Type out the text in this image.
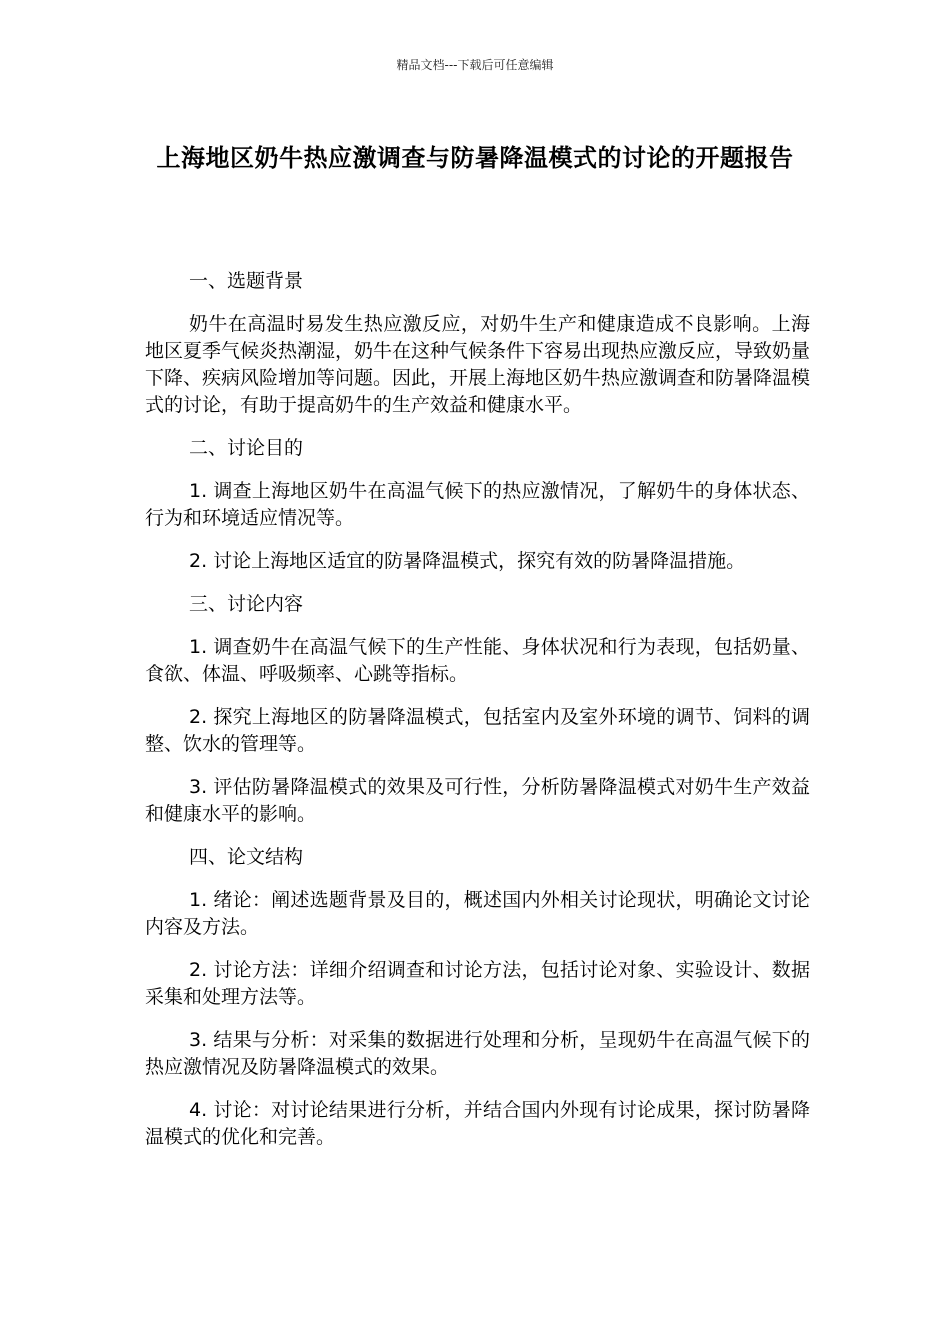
精品文档---下载后可任意编辑
上海地区奶牛热应激调查与防暑降温模式的讨论的开题报告

一、选题背景

奶牛在高温时易发生热应激反应，对奶牛生产和健康造成不良影响。上海地区夏季气候炎热潮湿，奶牛在这种气候条件下容易出现热应激反应，导致奶量下降、疾病风险增加等问题。因此，开展上海地区奶牛热应激调查和防暑降温模式的讨论，有助于提高奶牛的生产效益和健康水平。

二、讨论目的

1. 调查上海地区奶牛在高温气候下的热应激情况，了解奶牛的身体状态、行为和环境适应情况等。

2. 讨论上海地区适宜的防暑降温模式，探究有效的防暑降温措施。

三、讨论内容

1. 调查奶牛在高温气候下的生产性能、身体状况和行为表现，包括奶量、食欲、体温、呼吸频率、心跳等指标。

2. 探究上海地区的防暑降温模式，包括室内及室外环境的调节、饲料的调整、饮水的管理等。

3. 评估防暑降温模式的效果及可行性，分析防暑降温模式对奶牛生产效益和健康水平的影响。

四、论文结构

1. 绪论：阐述选题背景及目的，概述国内外相关讨论现状，明确论文讨论内容及方法。

2. 讨论方法：详细介绍调查和讨论方法，包括讨论对象、实验设计、数据采集和处理方法等。

3. 结果与分析：对采集的数据进行处理和分析，呈现奶牛在高温气候下的热应激情况及防暑降温模式的效果。

4. 讨论：对讨论结果进行分析，并结合国内外现有讨论成果，探讨防暑降温模式的优化和完善。
